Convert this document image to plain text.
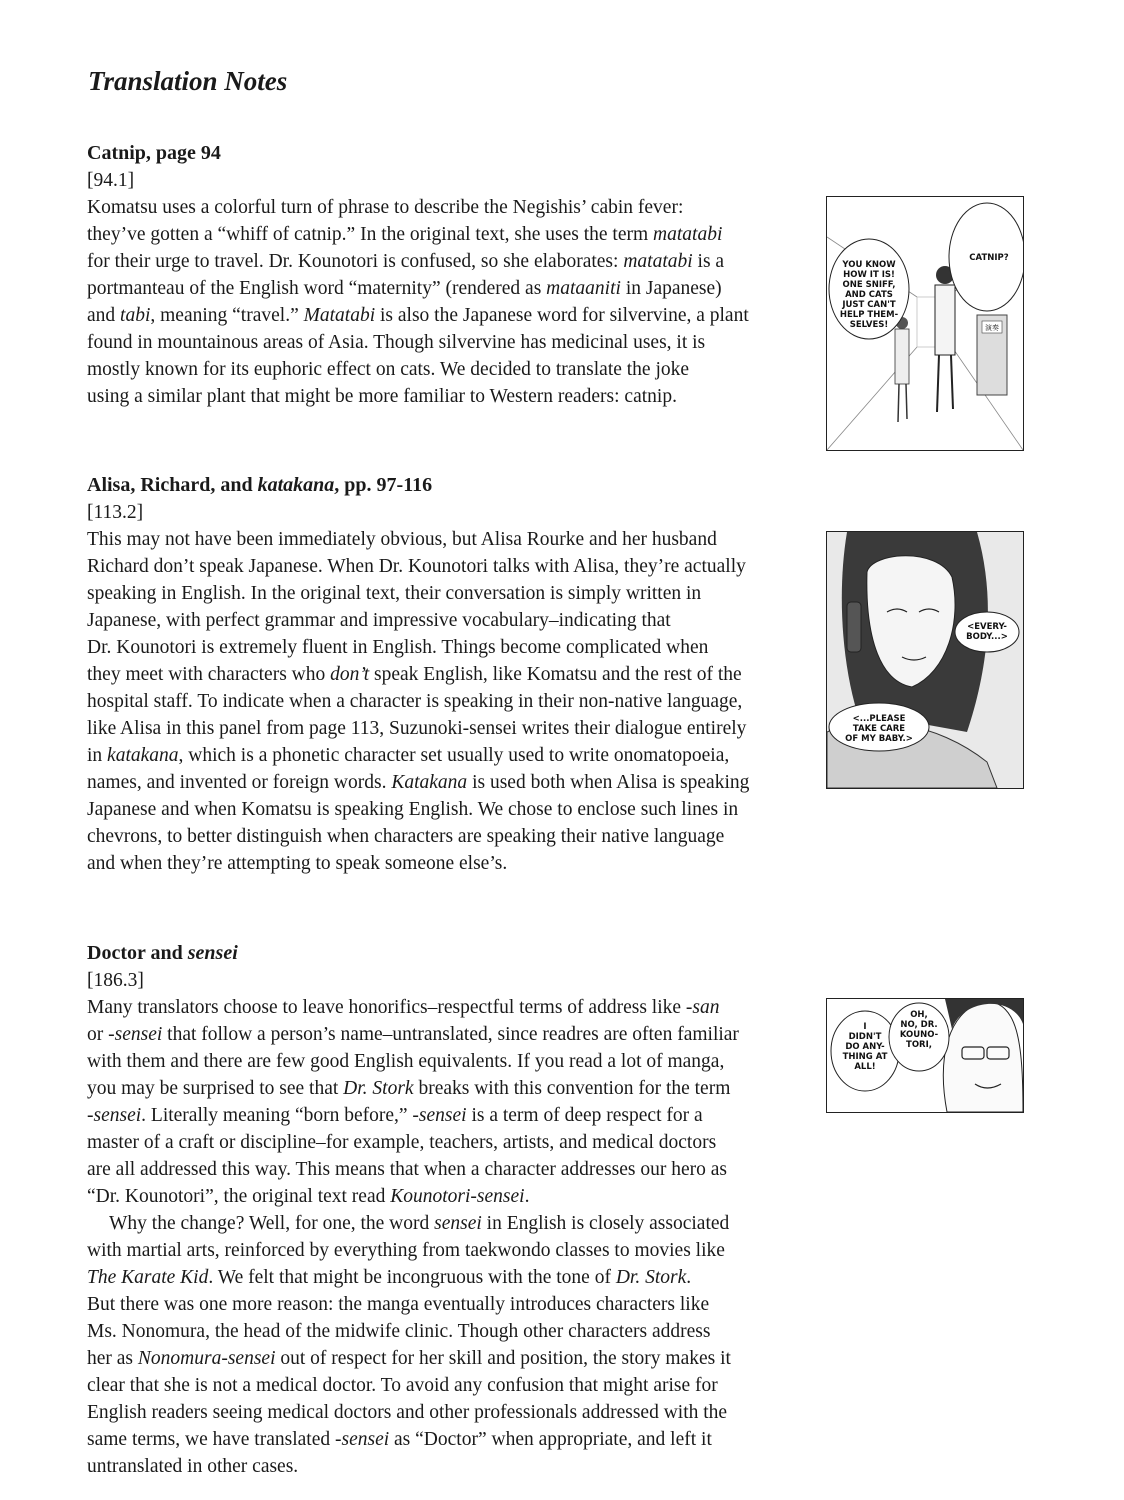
Translation Notes
Catnip, page 94
[94.1]

Komatsu uses a colorful turn of phrase to describe the Negishis’ cabin fever:
they’ve gotten a “whiff of catnip.” In the original text, she uses the term matatabi
for their urge to travel. Dr. Kounotori is confused, so she elaborates: matatabi is a
portmanteau of the English word “maternity” (rendered as mataaniti in Japanese)
and tabi, meaning “travel.” Matatabi is also the Japanese word for silvervine, a plant
found in mountainous areas of Asia. Though silvervine has medicinal uses, it is
mostly known for its euphoric effect on cats. We decided to translate the joke
using a similar plant that might be more familiar to Western readers: catnip.

Alisa, Richard, and katakana, pp. 97-116
[113.2]

This may not have been immediately obvious, but Alisa Rourke and her husband
Richard don’t speak Japanese. When Dr. Kounotori talks with Alisa, they’re actually
speaking in English. In the original text, their conversation is simply written in
Japanese, with perfect grammar and impressive vocabulary–indicating that
Dr. Kounotori is extremely fluent in English. Things become complicated when
they meet with characters who don’t speak English, like Komatsu and the rest of the
hospital staff. To indicate when a character is speaking in their non-native language,
like Alisa in this panel from page 113, Suzunoki-sensei writes their dialogue entirely
in katakana, which is a phonetic character set usually used to write onomatopoeia,
names, and invented or foreign words. Katakana is used both when Alisa is speaking
Japanese and when Komatsu is speaking English. We chose to enclose such lines in
chevrons, to better distinguish when characters are speaking their native language
and when they’re attempting to speak someone else’s.

Doctor and sensei
[186.3]

Many translators choose to leave honorifics–respectful terms of address like -san
or -sensei that follow a person’s name–untranslated, since readres are often familiar
with them and there are few good English equivalents. If you read a lot of manga,
you may be surprised to see that Dr. Stork breaks with this convention for the term
-sensei. Literally meaning “born before,” -sensei is a term of deep respect for a
master of a craft or discipline–for example, teachers, artists, and medical doctors
are all addressed this way. This means that when a character addresses our hero as
“Dr. Kounotori”, the original text read Kounotori-sensei.

Why the change? Well, for one, the word sensei in English is closely associated
with martial arts, reinforced by everything from taekwondo classes to movies like
The Karate Kid. We felt that might be incongruous with the tone of Dr. Stork.
But there was one more reason: the manga eventually introduces characters like
Ms. Nonomura, the head of the midwife clinic. Though other characters address
her as Nonomura-sensei out of respect for her skill and position, the story makes it
clear that she is not a medical doctor. To avoid any confusion that might arise for
English readers seeing medical doctors and other professionals addressed with the
same terms, we have translated -sensei as “Doctor” when appropriate, and left it
untranslated in other cases.

演奏
YOU KNOW HOW IT IS! ONE SNIFF, AND CATS JUST CAN'T HELP THEM-SELVES!
CATNIP?
<EVERY-BODY...>
<...PLEASE TAKE CARE OF MY BABY.>
I DIDN'T DO ANY-THING AT ALL!
OH, NO, DR. KOUNO-TORI,
